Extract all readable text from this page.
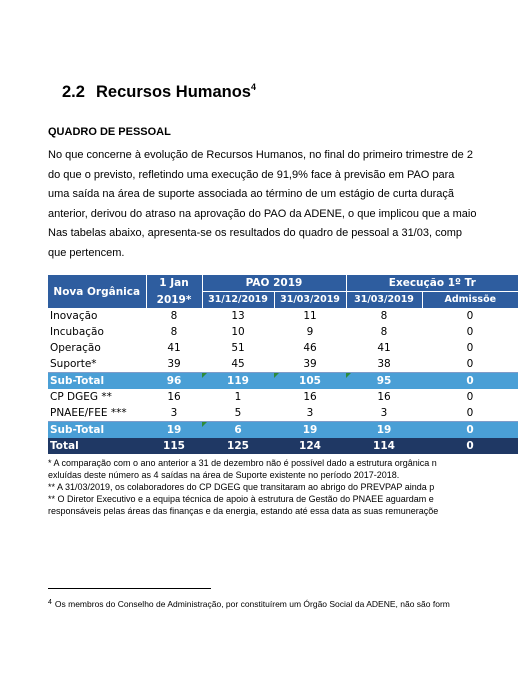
2.2 Recursos Humanos$^4$
QUADRO DE PESSOAL
No que concerne à evolução de Recursos Humanos, no final do primeiro trimestre de 2
do que o previsto, refletindo uma execução de 91,9% face à previsão em PAO para
uma saída na área de suporte associada ao término de um estágio de curta duraçã
anterior, derivou do atraso na aprovação do PAO da ADENE, o que implicou que a maio
Nas tabelas abaixo, apresenta-se os resultados do quadro de pessoal a 31/03, comp
que pertencem.
Nova Orgânica	1 Jan	PAO 2019		Execução 1º Tr	
	2019*	31/12/2019	31/03/2019	31/03/2019	Admissõe
Inovação	8	13	11	8	0
Incubação	8	10	9	8	0
Operação	41	51	46	41	0
Suporte*	39	45	39	38	0
Sub-Total	96	119	105	95	0
CP DGEG **	16	1	16	16	0
PNAEE/FEE ***	3	5	3	3	0
Sub-Total	19	6	19	19	0
Total	115	125	124	114	0
* A comparação com o ano anterior a 31 de dezembro não é possível dado a estrutura orgânica n
exluídas deste número as 4 saídas na área de Suporte existente no período 2017-2018.
** A 31/03/2019, os colaboradores do CP DGEG que transitaram ao abrigo do PREVPAP ainda p
** O Diretor Executivo e a equipa técnica de apoio à estrutura de Gestão do PNAEE aguardam e
responsáveis pelas áreas das finanças e da energia, estando até essa data as suas remuneraçõe
$^4$ Os membros do Conselho de Administração, por constituírem um Órgão Social da ADENE, não são form
